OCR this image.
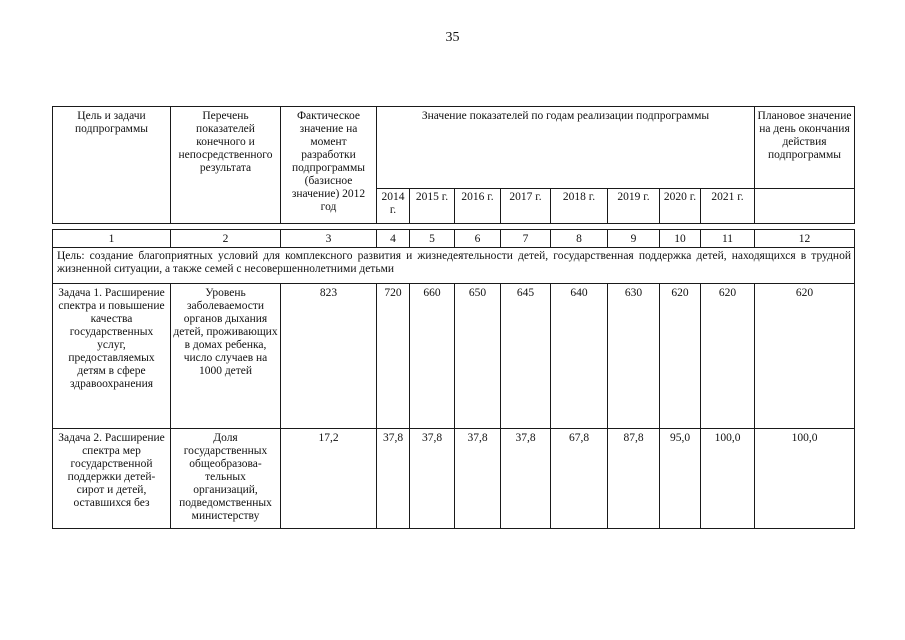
35
Цель и задачи подпрограммы	Перечень показателей конечного и непосредственного результата	Фактическое значение на момент разработки подпрограммы (базисное значение) 2012 год	Значение показателей по годам реализации подпрограммы								Плановое значение на день окончания действия подпрограммы
			2014 г.	2015 г.	2016 г.	2017 г.	2018 г.	2019 г.	2020 г.	2021 г.	

1	2	3	4	5	6	7	8	9	10	11	12
Цель: создание благоприятных условий для комплексного развития и жизнедеятельности детей, государственная поддержка детей, находящихся в трудной жизненной ситуации, а также семей с несовершеннолетними детьми											
Задача 1. Расширение спектра и повышение качества государственных услуг, предоставляемых детям в сфере здравоохранения	Уровень заболеваемости органов дыхания детей, проживающих в домах ребенка, число случаев на 1000 детей	823	720	660	650	645	640	630	620	620	620
Задача 2. Расширение спектра мер государственной поддержки детей-сирот и детей, оставшихся без	Доля государственных общеобразова-тельных организаций, подведомственных министерству	17,2	37,8	37,8	37,8	37,8	67,8	87,8	95,0	100,0	100,0
